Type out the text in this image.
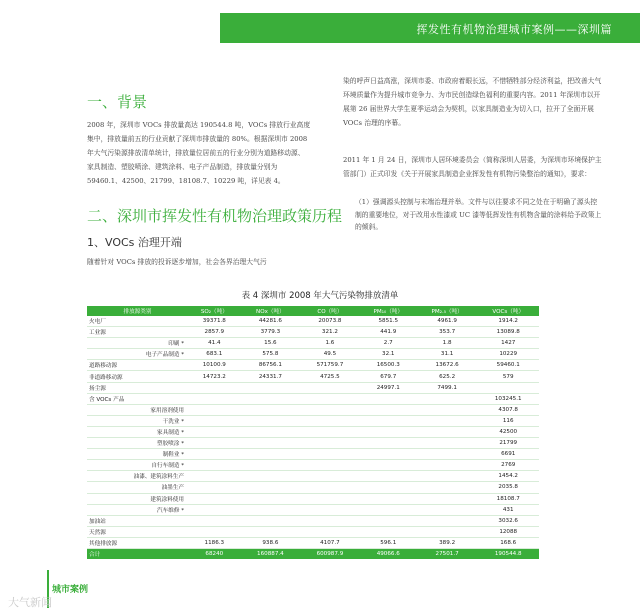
挥发性有机物治理城市案例——深圳篇
一、背景

2008 年，深圳市 VOCs 排放量高达 190544.8 吨，VOCs 排放行业高度集中，排放量前五的行业贡献了深圳市排放量的 80%。根据深圳市 2008 年大气污染源排放清单统计，排放量位居前五的行业分别为道路移动源、家具制造、塑胶喷涂、建筑涂料、电子产品制造，排放量分别为 59460.1、42500、21799、18108.7、10229 吨，详见表 4。

二、深圳市挥发性有机物治理政策历程
1、VOCs 治理开端

随着针对 VOCs 排放的投诉逐步增加，社会各界治理大气污

染的呼声日益高涨，深圳市委、市政府着眼长远，不惜牺牲部分经济利益，把改善大气环境质量作为提升城市竞争力、为市民创造绿色福利的重要内容。2011 年深圳市以开展第 26 届世界大学生夏季运动会为契机，以家具制造业为切入口，拉开了全面开展 VOCs 治理的序幕。

2011 年 1 月 24 日，深圳市人居环境委员会（简称深圳人居委，为深圳市环境保护主管部门）正式印发《关于开展家具制造企业挥发性有机物污染整治的通知》，要求：

（1）强调源头控制与末端治理并举。文件与以往要求不同之处在于明确了源头控制的重要地位，对于改用水性漆或 UC 漆等低挥发性有机物含量的涂料给予政策上的倾斜。
表 4 深圳市 2008 年大气污染物排放清单
排放源类别	SO₂（吨）	NOx（吨）	CO（吨）	PM₁₀（吨）	PM₂.₅（吨）	VOCs（吨）
火电厂	39371.8	44281.6	20073.8	5851.5	4961.9	1914.2
工业源	2857.9	3779.3	321.2	441.9	353.7	13089.8
印刷 *	41.4	15.6	1.6	2.7	1.8	1427
电子产品制造 *	683.1	575.8	49.5	32.1	31.1	10229
道路移动源	10100.9	86756.1	571759.7	16500.3	13672.6	59460.1
非道路移动源	14723.2	24331.7	4725.5	679.7	625.2	579
扬尘源				24997.1	7499.1	
含 VOCs 产品						103245.1
家用溶剂使用						4307.8
干洗业 *						116
家具制造 *						42500
塑胶喷涂 *						21799
制鞋业 *						6691
自行车制造 *						2769
油漆、建筑涂料生产						1454.2
油墨生产						2035.8
建筑涂料使用						18108.7
汽车维修 *						431
加油站						3032.6
天然源						12088
其他排放源	1186.3	938.6	4107.7	596.1	389.2	168.6
合计	68240	160887.4	600987.9	49066.6	27501.7	190544.8
城市案例
大气新闻
